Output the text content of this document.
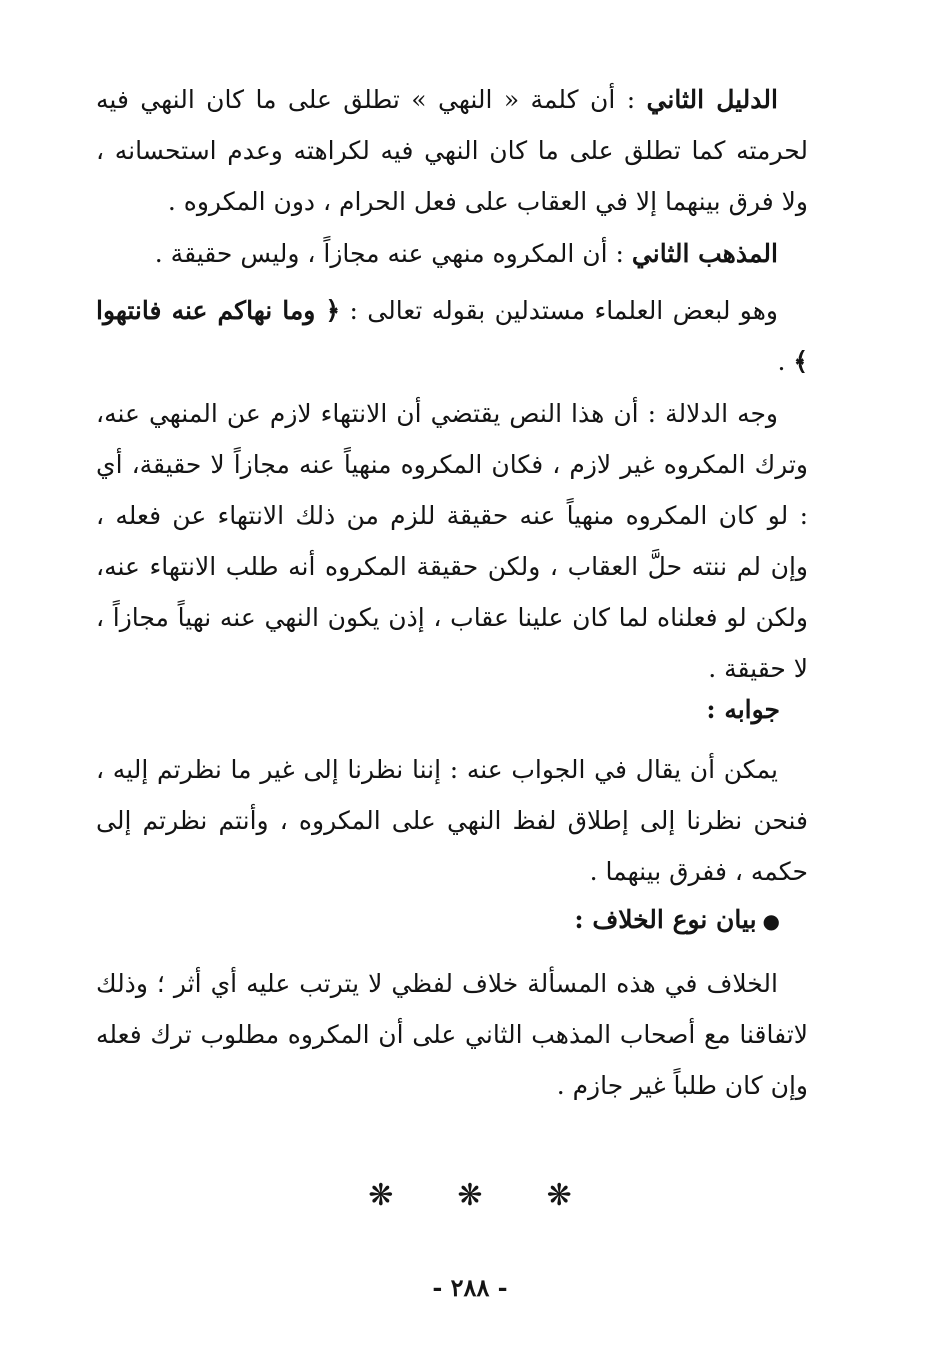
الدليل الثاني : أن كلمة « النهي » تطلق على ما كان النهي فيه لحرمته كما تطلق على ما كان النهي فيه لكراهته وعدم استحسانه ، ولا فرق بينهما إلا في العقاب على فعل الحرام ، دون المكروه .

المذهب الثاني : أن المكروه منهي عنه مجازاً ، وليس حقيقة .

وهو لبعض العلماء مستدلين بقوله تعالى : ﴿ وما نهاكم عنه فانتهوا ﴾ .

وجه الدلالة : أن هذا النص يقتضي أن الانتهاء لازم عن المنهي عنه، وترك المكروه غير لازم ، فكان المكروه منهياً عنه مجازاً لا حقيقة، أي : لو كان المكروه منهياً عنه حقيقة للزم من ذلك الانتهاء عن فعله ، وإن لم ننته حلَّ العقاب ، ولكن حقيقة المكروه أنه طلب الانتهاء عنه، ولكن لو فعلناه لما كان علينا عقاب ، إذن يكون النهي عنه نهياً مجازاً ، لا حقيقة .

جوابه :

يمكن أن يقال في الجواب عنه : إننا نظرنا إلى غير ما نظرتم إليه ، فنحن نظرنا إلى إطلاق لفظ النهي على المكروه ، وأنتم نظرتم إلى حكمه ، ففرق بينهما .

●بيان نوع الخلاف :

الخلاف في هذه المسألة خلاف لفظي لا يترتب عليه أي أثر ؛ وذلك لاتفاقنا مع أصحاب المذهب الثاني على أن المكروه مطلوب ترك فعله وإن كان طلباً غير جازم .

❋ ❋ ❋
- ٢٨٨ -
